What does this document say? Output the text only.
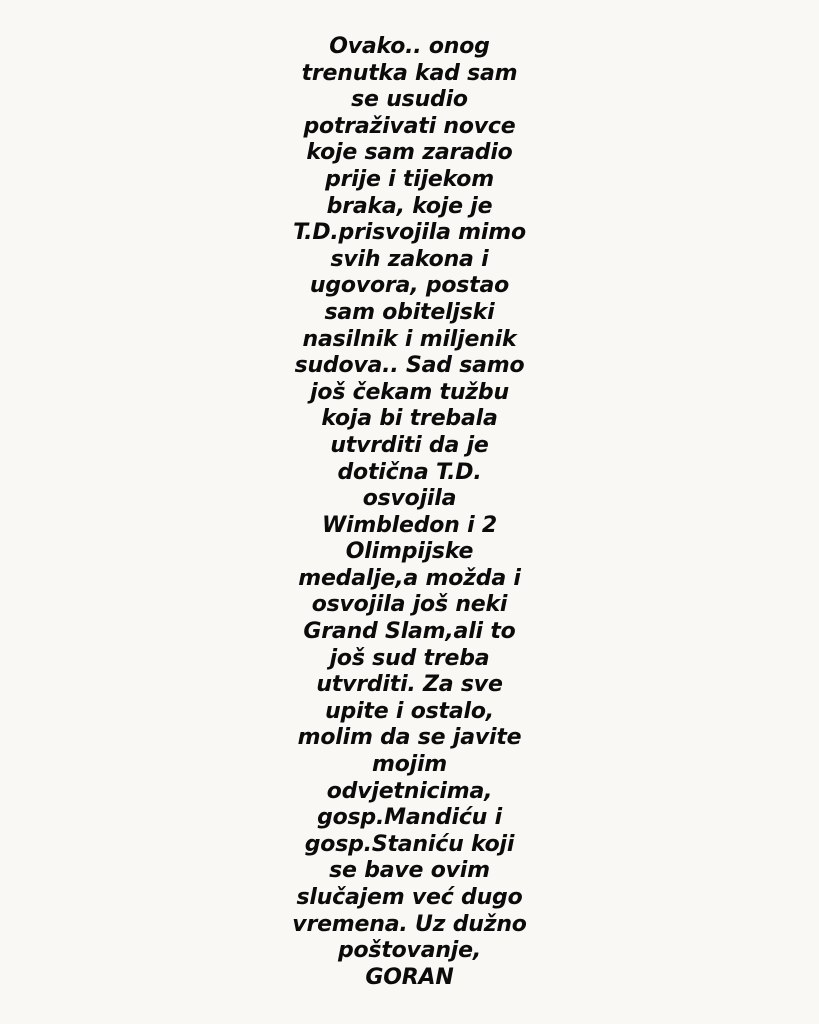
Ovako.. onog
trenutka kad sam
se usudio
potraživati novce
koje sam zaradio
prije i tijekom
braka, koje je
T.D.prisvojila mimo
svih zakona i
ugovora, postao
sam obiteljski
nasilnik i miljenik
sudova.. Sad samo
još čekam tužbu
koja bi trebala
utvrditi da je
dotična T.D.
osvojila
Wimbledon i 2
Olimpijske
medalje,a možda i
osvojila još neki
Grand Slam,ali to
još sud treba
utvrditi. Za sve
upite i ostalo,
molim da se javite
mojim
odvjetnicima,
gosp.Mandiću i
gosp.Staniću koji
se bave ovim
slučajem već dugo
vremena. Uz dužno
poštovanje,
GORAN
